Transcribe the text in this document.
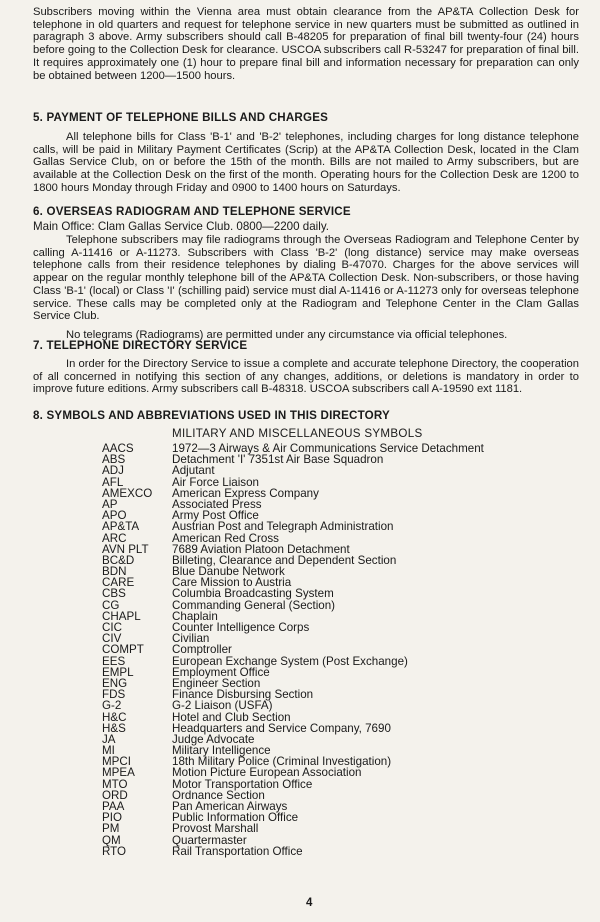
Subscribers moving within the Vienna area must obtain clearance from the AP&TA Collection Desk for telephone in old quarters and request for telephone service in new quarters must be submitted as outlined in paragraph 3 above. Army subscribers should call B-48205 for preparation of final bill twenty-four (24) hours before going to the Collection Desk for clearance. USCOA subscribers call R-53247 for preparation of final bill. It requires approximately one (1) hour to prepare final bill and information necessary for preparation can only be obtained between 1200—1500 hours.

5. PAYMENT OF TELEPHONE BILLS AND CHARGES

All telephone bills for Class 'B-1' and 'B-2' telephones, including charges for long distance telephone calls, will be paid in Military Payment Certificates (Scrip) at the AP&TA Collection Desk, located in the Clam Gallas Service Club, on or before the 15th of the month. Bills are not mailed to Army subscribers, but are available at the Collection Desk on the first of the month. Operating hours for the Collection Desk are 1200 to 1800 hours Monday through Friday and 0900 to 1400 hours on Saturdays.

6. OVERSEAS RADIOGRAM AND TELEPHONE SERVICE

Main Office: Clam Gallas Service Club. 0800—2200 daily.

Telephone subscribers may file radiograms through the Overseas Radiogram and Telephone Center by calling A-11416 or A-11273. Subscribers with Class 'B-2' (long distance) service may make overseas telephone calls from their residence telephones by dialing B-47070. Charges for the above services will appear on the regular monthly telephone bill of the AP&TA Collection Desk. Non-subscribers, or those having Class 'B-1' (local) or Class 'I' (schilling paid) service must dial A-11416 or A-11273 only for overseas telephone service. These calls may be completed only at the Radiogram and Telephone Center in the Clam Gallas Service Club.

No telegrams (Radiograms) are permitted under any circumstance via official telephones.

7. TELEPHONE DIRECTORY SERVICE

In order for the Directory Service to issue a complete and accurate telephone Directory, the cooperation of all concerned in notifying this section of any changes, additions, or deletions is mandatory in order to improve future editions. Army subscribers call B-48318. USCOA subscribers call A-19590 ext 1181.

8. SYMBOLS AND ABBREVIATIONS USED IN THIS DIRECTORY
MILITARY AND MISCELLANEOUS SYMBOLS
AACS	1972—3 Airways & Air Communications Service Detachment
ABS	Detachment 'I' 7351st Air Base Squadron
ADJ	Adjutant
AFL	Air Force Liaison
AMEXCO	American Express Company
AP	Associated Press
APO	Army Post Office
AP&TA	Austrian Post and Telegraph Administration
ARC	American Red Cross
AVN PLT	7689 Aviation Platoon Detachment
BC&D	Billeting, Clearance and Dependent Section
BDN	Blue Danube Network
CARE	Care Mission to Austria
CBS	Columbia Broadcasting System
CG	Commanding General (Section)
CHAPL	Chaplain
CIC	Counter Intelligence Corps
CIV	Civilian
COMPT	Comptroller
EES	European Exchange System (Post Exchange)
EMPL	Employment Office
ENG	Engineer Section
FDS	Finance Disbursing Section
G-2	G-2 Liaison (USFA)
H&C	Hotel and Club Section
H&S	Headquarters and Service Company, 7690
JA	Judge Advocate
MI	Military Intelligence
MPCI	18th Military Police (Criminal Investigation)
MPEA	Motion Picture European Association
MTO	Motor Transportation Office
ORD	Ordnance Section
PAA	Pan American Airways
PIO	Public Information Office
PM	Provost Marshall
QM	Quartermaster
RTO	Rail Transportation Office
4
